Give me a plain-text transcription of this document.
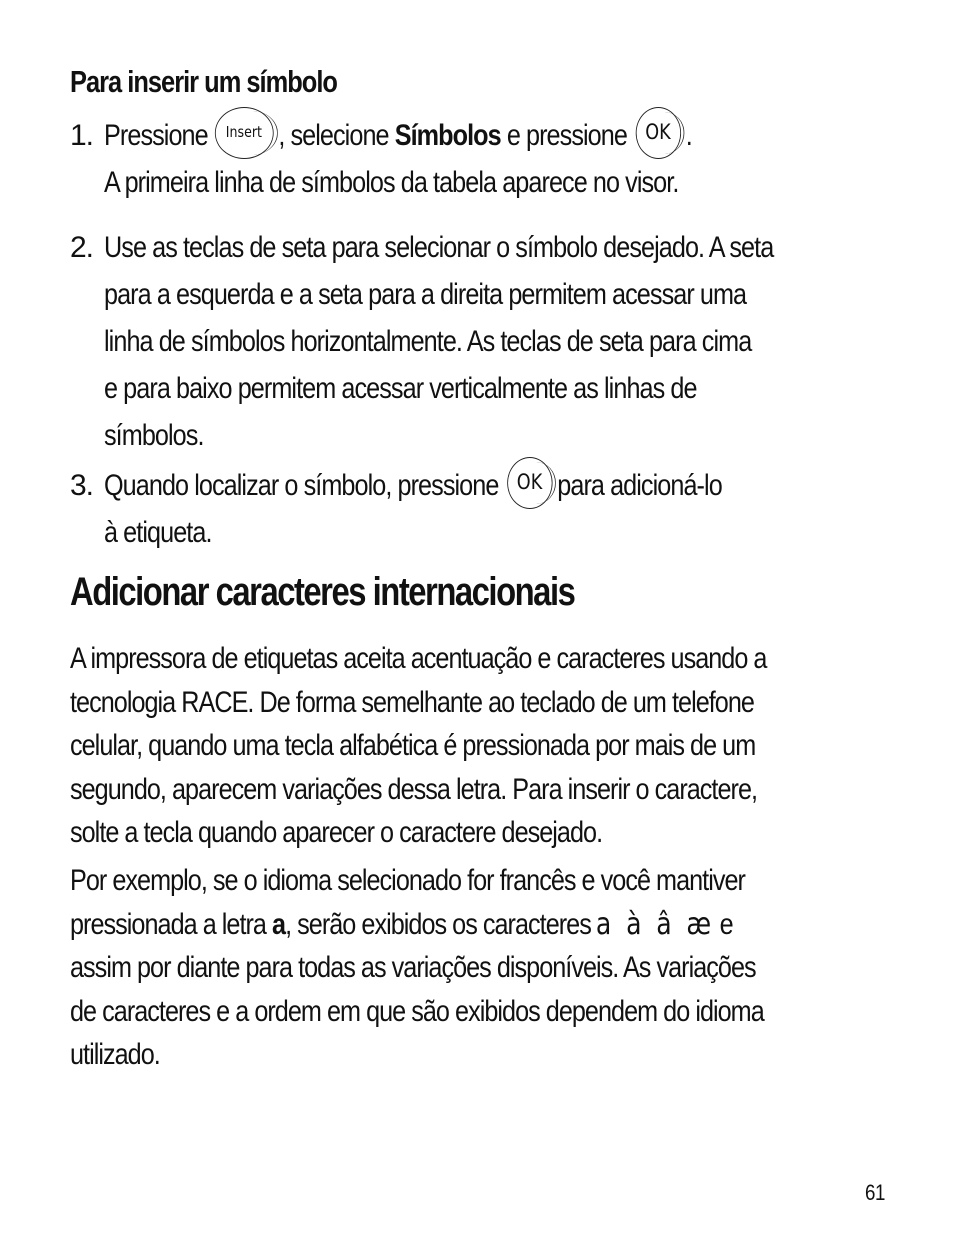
Para inserir um símbolo
1. Pressione Insert , selecione Símbolos e pressione OK .
A primeira linha de símbolos da tabela aparece no visor.
2. Use as teclas de seta para selecionar o símbolo desejado. A seta
para a esquerda e a seta para a direita permitem acessar uma
linha de símbolos horizontalmente. As teclas de seta para cima
e para baixo permitem acessar verticalmente as linhas de
símbolos.
3. Quando localizar o símbolo, pressione OK para adicioná-lo
à etiqueta.
Adicionar caracteres internacionais
A impressora de etiquetas aceita acentuação e caracteres usando a
tecnologia RACE. De forma semelhante ao teclado de um telefone
celular, quando uma tecla alfabética é pressionada por mais de um
segundo, aparecem variações dessa letra. Para inserir o caractere,
solte a tecla quando aparecer o caractere desejado.
Por exemplo, se o idioma selecionado for francês e você mantiver
pressionada a letra a, serão exibidos os caracteres a à â æ e
assim por diante para todas as variações disponíveis. As variações
de caracteres e a ordem em que são exibidos dependem do idioma
utilizado.
61
